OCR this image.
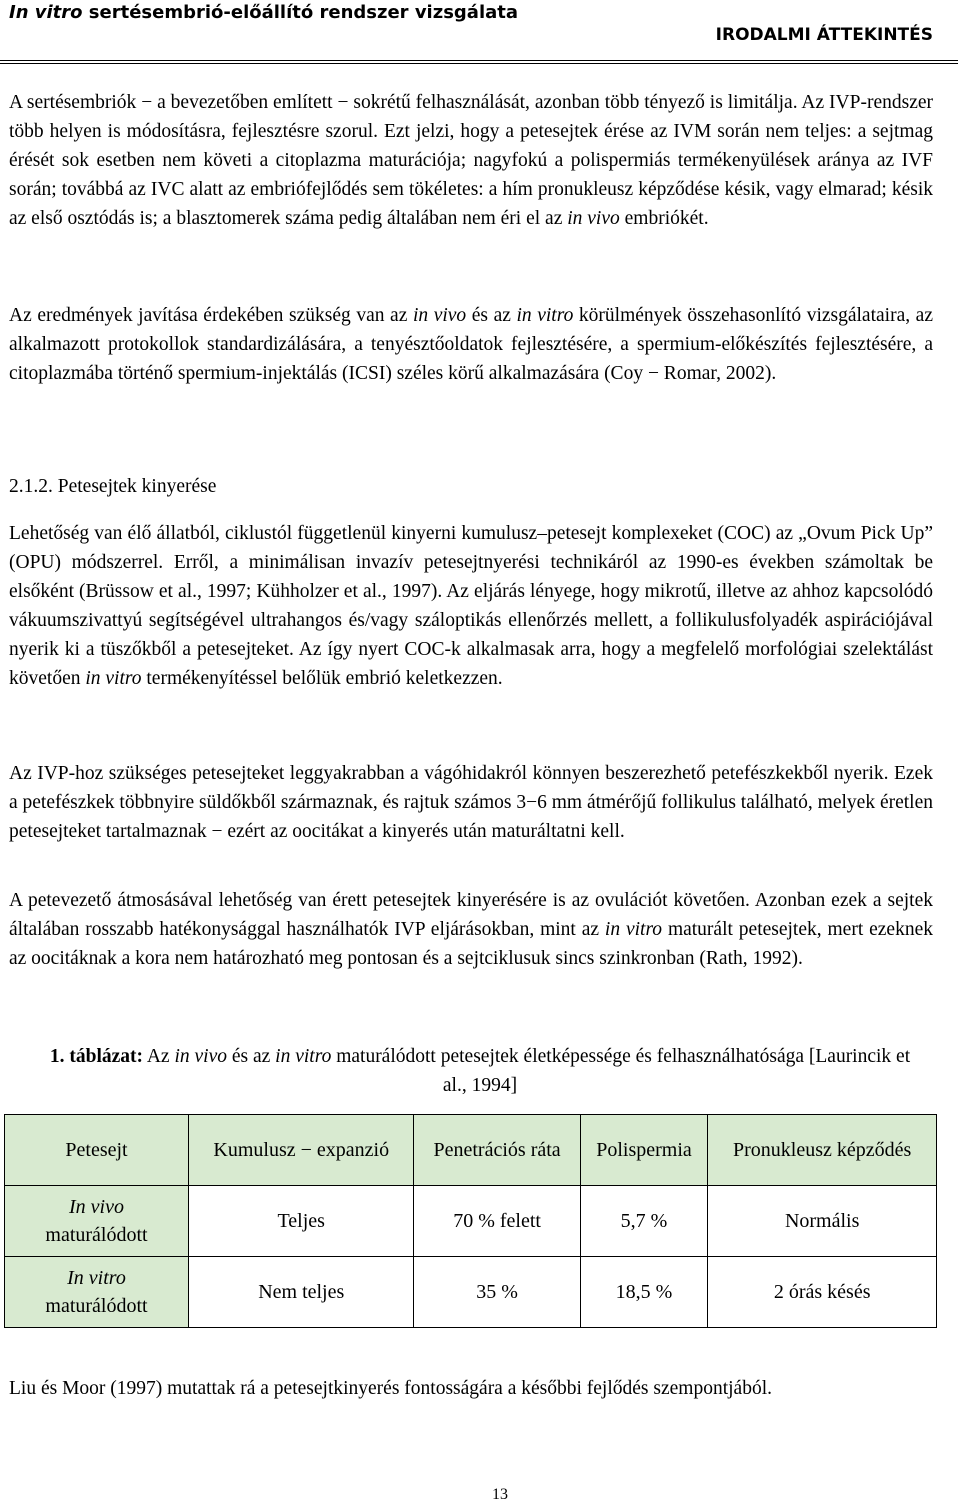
In vitro sertésembrió-előállító rendszer vizsgálata
IRODALMI ÁTTEKINTÉS

A sertésembriók − a bevezetőben említett − sokrétű felhasználását, azonban több tényező is limitálja. Az IVP-rendszer több helyen is módosításra, fejlesztésre szorul. Ezt jelzi, hogy a petesejtek érése az IVM során nem teljes: a sejtmag érését sok esetben nem követi a citoplazma maturációja; nagyfokú a polispermiás termékenyülések aránya az IVF során; továbbá az IVC alatt az embriófejlődés sem tökéletes: a hím pronukleusz képződése késik, vagy elmarad; késik az első osztódás is; a blasztomerek száma pedig általában nem éri el az in vivo embriókét.

Az eredmények javítása érdekében szükség van az in vivo és az in vitro körülmények összehasonlító vizsgálataira, az alkalmazott protokollok standardizálására, a tenyésztőoldatok fejlesztésére, a spermium-előkészítés fejlesztésére, a citoplazmába történő spermium-injektálás (ICSI) széles körű alkalmazására (Coy − Romar, 2002).

2.1.2. Petesejtek kinyerése

Lehetőség van élő állatból, ciklustól függetlenül kinyerni kumulusz–petesejt komplexeket (COC) az „Ovum Pick Up” (OPU) módszerrel. Erről, a minimálisan invazív petesejtnyerési technikáról az 1990-es években számoltak be elsőként (Brüssow et al., 1997; Kühholzer et al., 1997). Az eljárás lényege, hogy mikrotű, illetve az ahhoz kapcsolódó vákuumszivattyú segítségével ultrahangos és/vagy száloptikás ellenőrzés mellett, a follikulusfolyadék aspirációjával nyerik ki a tüszőkből a petesejteket. Az így nyert COC-k alkalmasak arra, hogy a megfelelő morfológiai szelektálást követően in vitro termékenyítéssel belőlük embrió keletkezzen.

Az IVP-hoz szükséges petesejteket leggyakrabban a vágóhidakról könnyen beszerezhető petefészkekből nyerik. Ezek a petefészkek többnyire süldőkből származnak, és rajtuk számos 3−6 mm átmérőjű follikulus található, melyek éretlen petesejteket tartalmaznak − ezért az oocitákat a kinyerés után maturáltatni kell.

A petevezető átmosásával lehetőség van érett petesejtek kinyerésére is az ovulációt követően. Azonban ezek a sejtek általában rosszabb hatékonysággal használhatók IVP eljárásokban, mint az in vitro maturált petesejtek, mert ezeknek az oocitáknak a kora nem határozható meg pontosan és a sejtciklusuk sincs szinkronban (Rath, 1992).

1. táblázat: Az in vivo és az in vitro maturálódott petesejtek életképessége és felhasználhatósága [Laurincik et al., 1994]

Petesejt	Kumulusz − expanzió	Penetrációs ráta	Polispermia	Pronukleusz képződés
In vivo
maturálódott	Teljes	70 % felett	5,7 %	Normális
In vitro
maturálódott	Nem teljes	35 %	18,5 %	2 órás késés

Liu és Moor (1997) mutattak rá a petesejtkinyerés fontosságára a későbbi fejlődés szempontjából.

13
